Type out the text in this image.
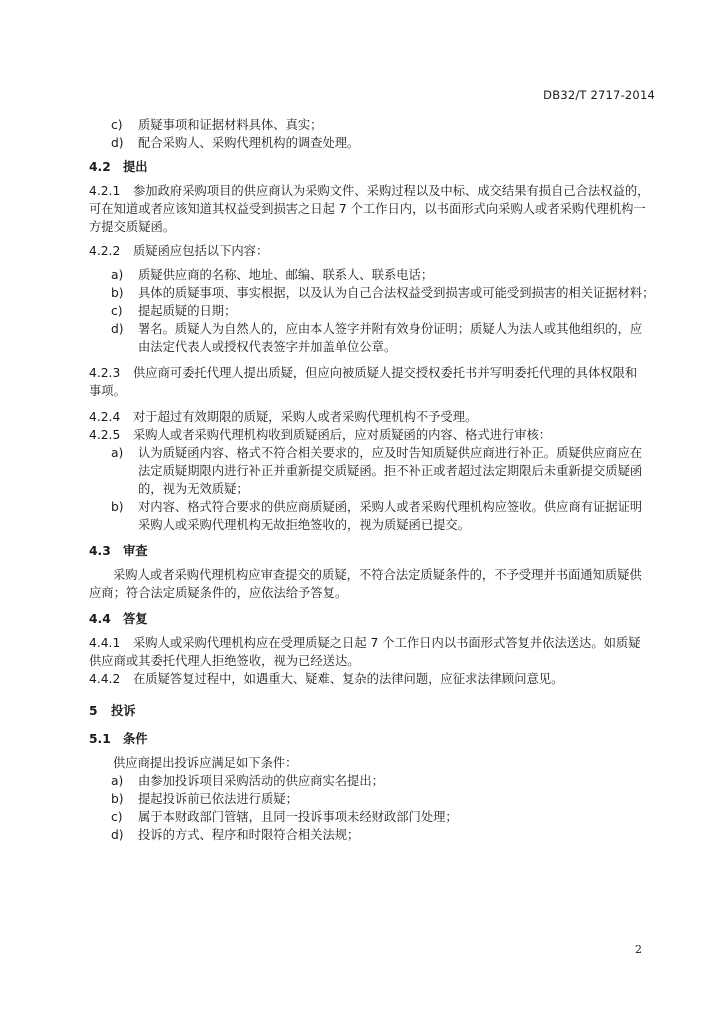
DB32/T 2717-2014
c)	质疑事项和证据材料具体、真实；
d)	配合采购人、采购代理机构的调查处理。
4.2 提出
4.2.1 参加政府采购项目的供应商认为采购文件、采购过程以及中标、成交结果有损自己合法权益的，
可在知道或者应该知道其权益受到损害之日起 7 个工作日内，以书面形式向采购人或者采购代理机构一
方提交质疑函。
4.2.2 质疑函应包括以下内容：
a)	质疑供应商的名称、地址、邮编、联系人、联系电话；
b)	具体的质疑事项、事实根据，以及认为自己合法权益受到损害或可能受到损害的相关证据材料；
c)	提起质疑的日期；
d)	署名。质疑人为自然人的，应由本人签字并附有效身份证明；质疑人为法人或其他组织的，应
由法定代表人或授权代表签字并加盖单位公章。
4.2.3 供应商可委托代理人提出质疑，但应向被质疑人提交授权委托书并写明委托代理的具体权限和
事项。
4.2.4 对于超过有效期限的质疑，采购人或者采购代理机构不予受理。
4.2.5 采购人或者采购代理机构收到质疑函后，应对质疑函的内容、格式进行审核：
a)	认为质疑函内容、格式不符合相关要求的，应及时告知质疑供应商进行补正。质疑供应商应在
法定质疑期限内进行补正并重新提交质疑函。拒不补正或者超过法定期限后未重新提交质疑函
的，视为无效质疑；
b)	对内容、格式符合要求的供应商质疑函，采购人或者采购代理机构应签收。供应商有证据证明
采购人或采购代理机构无故拒绝签收的，视为质疑函已提交。
4.3 审查
采购人或者采购代理机构应审查提交的质疑，不符合法定质疑条件的，不予受理并书面通知质疑供
应商；符合法定质疑条件的，应依法给予答复。
4.4 答复
4.4.1 采购人或采购代理机构应在受理质疑之日起 7 个工作日内以书面形式答复并依法送达。如质疑
供应商或其委托代理人拒绝签收，视为已经送达。
4.4.2 在质疑答复过程中，如遇重大、疑难、复杂的法律问题，应征求法律顾问意见。
5 投诉
5.1 条件
供应商提出投诉应满足如下条件：
a)	由参加投诉项目采购活动的供应商实名提出；
b)	提起投诉前已依法进行质疑；
c)	属于本财政部门管辖，且同一投诉事项未经财政部门处理；
d)	投诉的方式、程序和时限符合相关法规；
2
